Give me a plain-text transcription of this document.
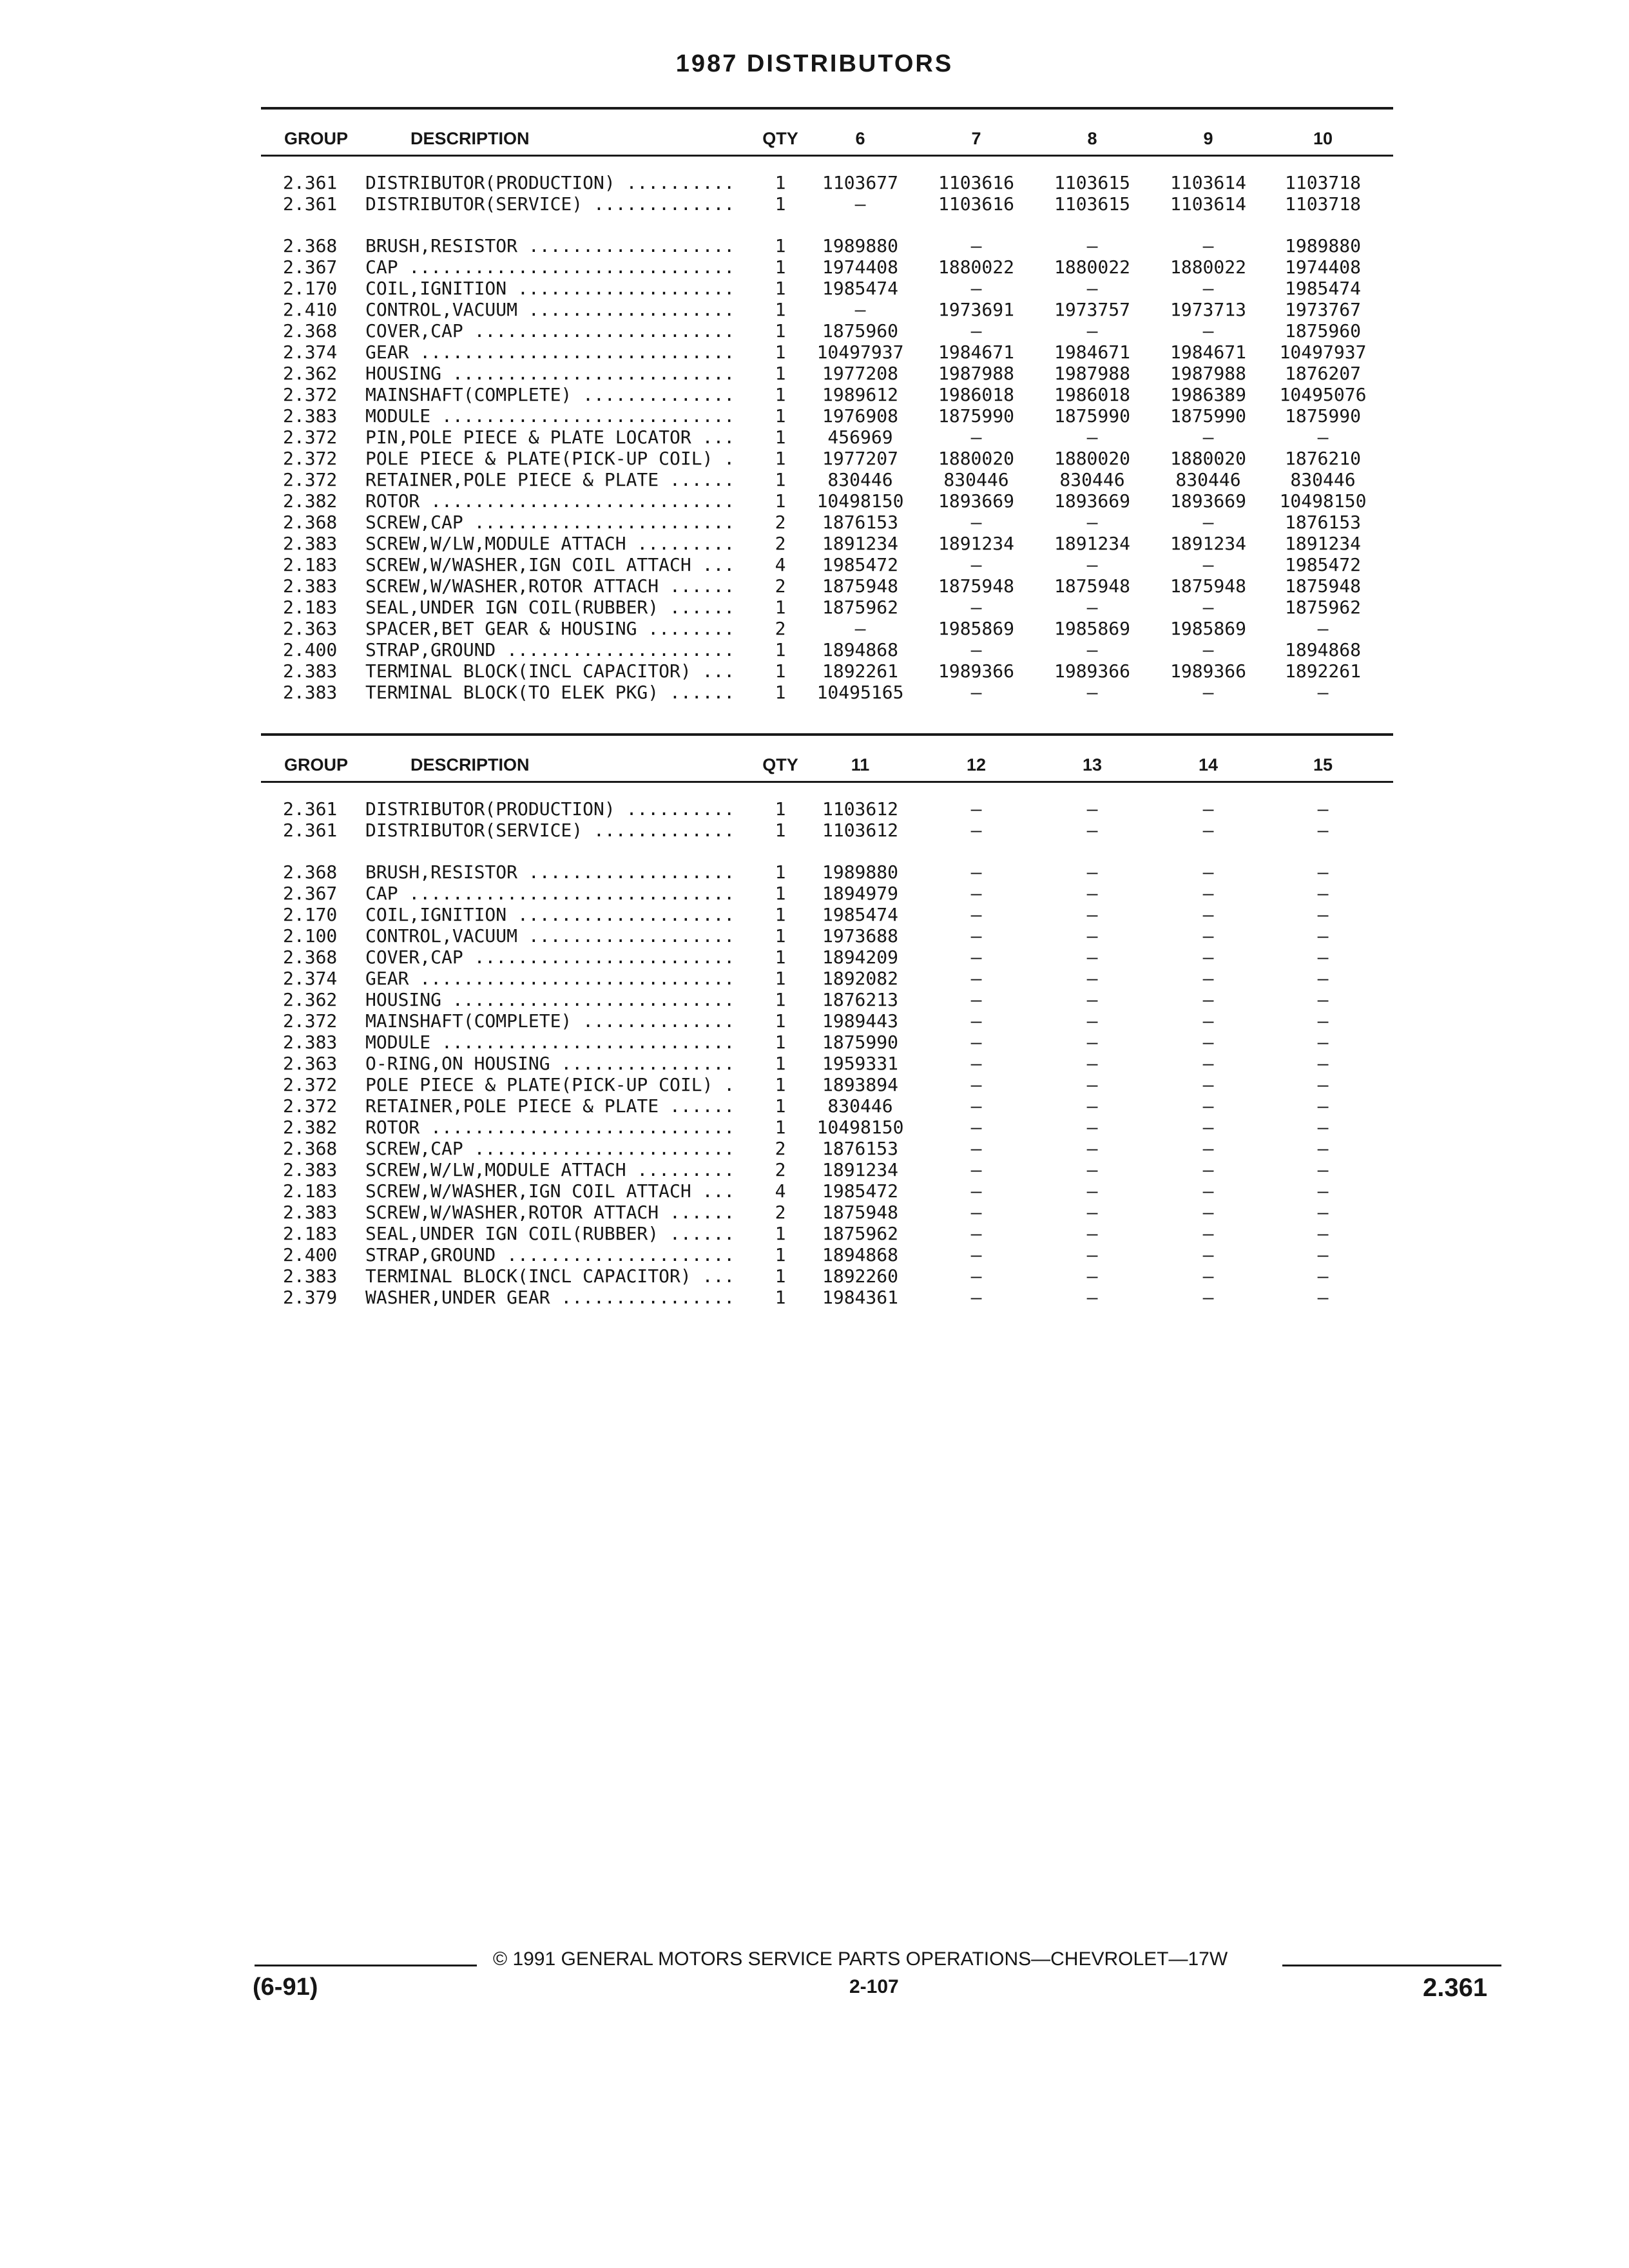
1987 DISTRIBUTORS
GROUP	DESCRIPTION	QTY	6	7	8	9	10
2.361	DISTRIBUTOR(PRODUCTION) ..........	1	1103677	1103616	1103615	1103614	1103718
2.361	DISTRIBUTOR(SERVICE) .............	1	—	1103616	1103615	1103614	1103718
2.368	BRUSH,RESISTOR ...................	1	1989880	—	—	—	1989880
2.367	CAP ..............................	1	1974408	1880022	1880022	1880022	1974408
2.170	COIL,IGNITION ....................	1	1985474	—	—	—	1985474
2.410	CONTROL,VACUUM ...................	1	—	1973691	1973757	1973713	1973767
2.368	COVER,CAP ........................	1	1875960	—	—	—	1875960
2.374	GEAR .............................	1	10497937	1984671	1984671	1984671	10497937
2.362	HOUSING ..........................	1	1977208	1987988	1987988	1987988	1876207
2.372	MAINSHAFT(COMPLETE) ..............	1	1989612	1986018	1986018	1986389	10495076
2.383	MODULE ...........................	1	1976908	1875990	1875990	1875990	1875990
2.372	PIN,POLE PIECE & PLATE LOCATOR ...	1	456969	—	—	—	—
2.372	POLE PIECE & PLATE(PICK-UP COIL) .	1	1977207	1880020	1880020	1880020	1876210
2.372	RETAINER,POLE PIECE & PLATE ......	1	830446	830446	830446	830446	830446
2.382	ROTOR ............................	1	10498150	1893669	1893669	1893669	10498150
2.368	SCREW,CAP ........................	2	1876153	—	—	—	1876153
2.383	SCREW,W/LW,MODULE ATTACH .........	2	1891234	1891234	1891234	1891234	1891234
2.183	SCREW,W/WASHER,IGN COIL ATTACH ...	4	1985472	—	—	—	1985472
2.383	SCREW,W/WASHER,ROTOR ATTACH ......	2	1875948	1875948	1875948	1875948	1875948
2.183	SEAL,UNDER IGN COIL(RUBBER) ......	1	1875962	—	—	—	1875962
2.363	SPACER,BET GEAR & HOUSING ........	2	—	1985869	1985869	1985869	—
2.400	STRAP,GROUND .....................	1	1894868	—	—	—	1894868
2.383	TERMINAL BLOCK(INCL CAPACITOR) ...	1	1892261	1989366	1989366	1989366	1892261
2.383	TERMINAL BLOCK(TO ELEK PKG) ......	1	10495165	—	—	—	—
GROUP	DESCRIPTION	QTY	11	12	13	14	15
2.361	DISTRIBUTOR(PRODUCTION) ..........	1	1103612	—	—	—	—
2.361	DISTRIBUTOR(SERVICE) .............	1	1103612	—	—	—	—
2.368	BRUSH,RESISTOR ...................	1	1989880	—	—	—	—
2.367	CAP ..............................	1	1894979	—	—	—	—
2.170	COIL,IGNITION ....................	1	1985474	—	—	—	—
2.100	CONTROL,VACUUM ...................	1	1973688	—	—	—	—
2.368	COVER,CAP ........................	1	1894209	—	—	—	—
2.374	GEAR .............................	1	1892082	—	—	—	—
2.362	HOUSING ..........................	1	1876213	—	—	—	—
2.372	MAINSHAFT(COMPLETE) ..............	1	1989443	—	—	—	—
2.383	MODULE ...........................	1	1875990	—	—	—	—
2.363	O-RING,ON HOUSING ................	1	1959331	—	—	—	—
2.372	POLE PIECE & PLATE(PICK-UP COIL) .	1	1893894	—	—	—	—
2.372	RETAINER,POLE PIECE & PLATE ......	1	830446	—	—	—	—
2.382	ROTOR ............................	1	10498150	—	—	—	—
2.368	SCREW,CAP ........................	2	1876153	—	—	—	—
2.383	SCREW,W/LW,MODULE ATTACH .........	2	1891234	—	—	—	—
2.183	SCREW,W/WASHER,IGN COIL ATTACH ...	4	1985472	—	—	—	—
2.383	SCREW,W/WASHER,ROTOR ATTACH ......	2	1875948	—	—	—	—
2.183	SEAL,UNDER IGN COIL(RUBBER) ......	1	1875962	—	—	—	—
2.400	STRAP,GROUND .....................	1	1894868	—	—	—	—
2.383	TERMINAL BLOCK(INCL CAPACITOR) ...	1	1892260	—	—	—	—
2.379	WASHER,UNDER GEAR ................	1	1984361	—	—	—	—
© 1991 GENERAL MOTORS SERVICE PARTS OPERATIONS—CHEVROLET—17W
(6-91)	2-107	2.361
